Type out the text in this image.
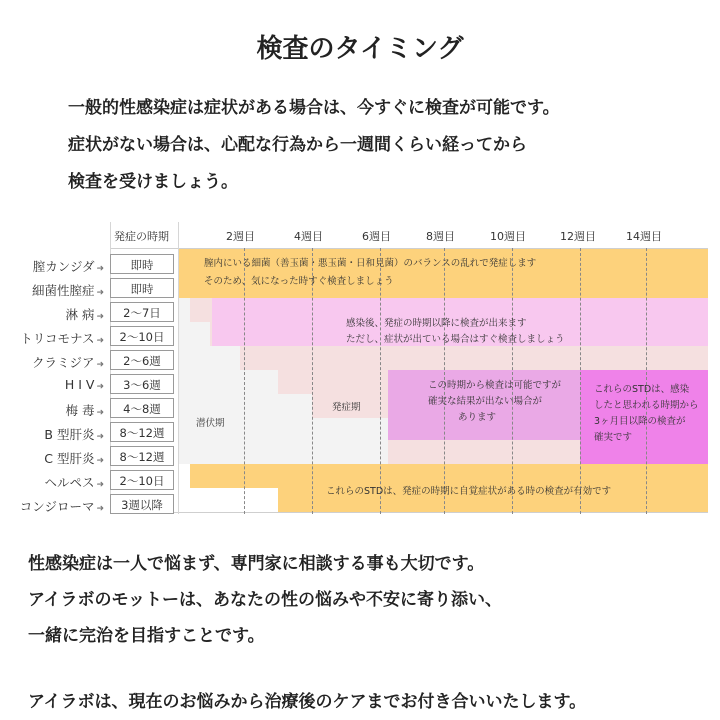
検査のタイミング
一般的性感染症は症状がある場合は、今すぐに検査が可能です。
症状がない場合は、心配な行為から一週間くらい経ってから
検査を受けましょう。
発症の時期	2週目	4週目	6週目	8週目	10週目	12週目	14週目
膣カンジダ ➜	即時
細菌性膣症 ➜	即時
淋 病 ➜	2〜7日
トリコモナス ➜	2〜10日
クラミジア ➜	2〜6週
H I V ➜	3〜6週
梅 毒 ➜	4〜8週
B 型肝炎 ➜	8〜12週
C 型肝炎 ➜	8〜12週
ヘルペス ➜	2〜10日
コンジローマ ➜	3週以降
膣内にいる細菌（善玉菌・悪玉菌・日和見菌）のバランスの乱れで発症します
そのため、気になった時すぐ検査しましょう
感染後、発症の時期以降に検査が出来ます
ただし、症状が出ている場合はすぐ検査しましょう
潜伏期
発症期
この時期から検査は可能ですが
確実な結果が出ない場合が
あります
これらのSTDは、感染
したと思われる時期から
3ヶ月目以降の検査が
確実です
これらのSTDは、発症の時期に自覚症状がある時の検査が有効です
性感染症は一人で悩まず、専門家に相談する事も大切です。
アイラボのモットーは、あなたの性の悩みや不安に寄り添い、
一緒に完治を目指すことです。
アイラボは、現在のお悩みから治療後のケアまでお付き合いいたします。
